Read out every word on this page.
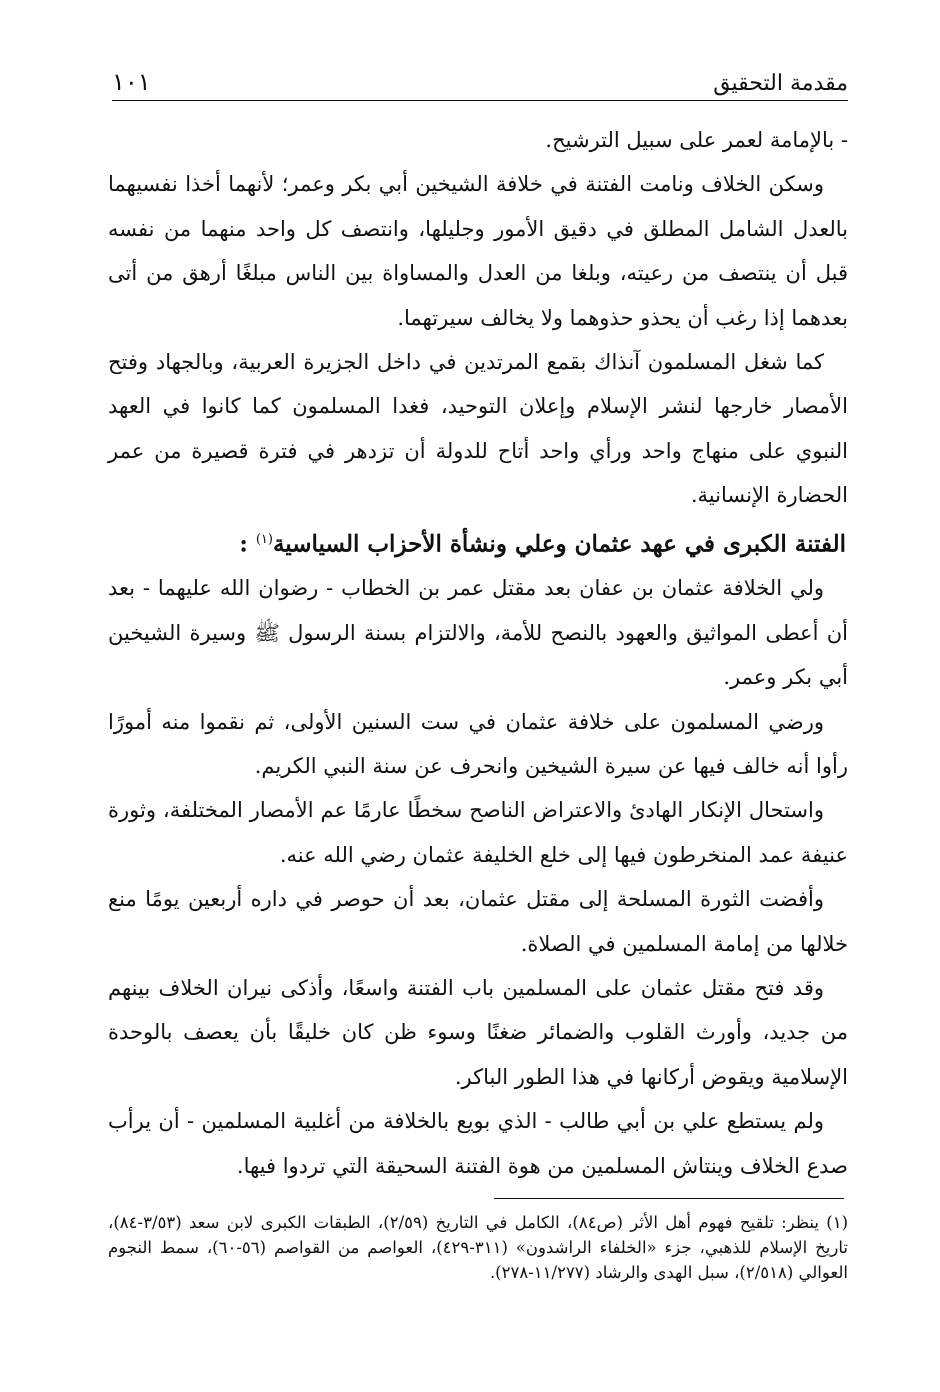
مقدمة التحقيق
١٠١

- بالإمامة لعمر على سبيل الترشيح.

وسكن الخلاف ونامت الفتنة في خلافة الشيخين أبي بكر وعمر؛ لأنهما أخذا نفسيهما بالعدل الشامل المطلق في دقيق الأمور وجليلها، وانتصف كل واحد منهما من نفسه قبل أن ينتصف من رعيته، وبلغا من العدل والمساواة بين الناس مبلغًا أرهق من أتى بعدهما إذا رغب أن يحذو حذوهما ولا يخالف سيرتهما.

كما شغل المسلمون آنذاك بقمع المرتدين في داخل الجزيرة العربية، وبالجهاد وفتح الأمصار خارجها لنشر الإسلام وإعلان التوحيد، فغدا المسلمون كما كانوا في العهد النبوي على منهاج واحد ورأي واحد أتاح للدولة أن تزدهر في فترة قصيرة من عمر الحضارة الإنسانية.

الفتنة الكبرى في عهد عثمان وعلي ونشأة الأحزاب السياسية$^{(١)}$ :

ولي الخلافة عثمان بن عفان بعد مقتل عمر بن الخطاب - رضوان الله عليهما - بعد أن أعطى المواثيق والعهود بالنصح للأمة، والالتزام بسنة الرسول ﷺ وسيرة الشيخين أبي بكر وعمر.

ورضي المسلمون على خلافة عثمان في ست السنين الأولى، ثم نقموا منه أمورًا رأوا أنه خالف فيها عن سيرة الشيخين وانحرف عن سنة النبي الكريم.

واستحال الإنكار الهادئ والاعتراض الناصح سخطًا عارمًا عم الأمصار المختلفة، وثورة عنيفة عمد المنخرطون فيها إلى خلع الخليفة عثمان رضي الله عنه.

وأفضت الثورة المسلحة إلى مقتل عثمان، بعد أن حوصر في داره أربعين يومًا منع خلالها من إمامة المسلمين في الصلاة.

وقد فتح مقتل عثمان على المسلمين باب الفتنة واسعًا، وأذكى نيران الخلاف بينهم من جديد، وأورث القلوب والضمائر ضغنًا وسوء ظن كان خليقًا بأن يعصف بالوحدة الإسلامية ويقوض أركانها في هذا الطور الباكر.

ولم يستطع علي بن أبي طالب - الذي بويع بالخلافة من أغلبية المسلمين - أن يرأب صدع الخلاف وينتاش المسلمين من هوة الفتنة السحيقة التي تردوا فيها.

(١) ينظر: تلقيح فهوم أهل الأثر (ص٨٤)، الكامل في التاريخ (٢/٥٩)، الطبقات الكبرى لابن سعد (٣/٥٣-٨٤)، تاريخ الإسلام للذهبي، جزء «الخلفاء الراشدون» (٣١١-٤٢٩)، العواصم من القواصم (٥٦-٦٠)، سمط النجوم العوالي (٢/٥١٨)، سبل الهدى والرشاد (١١/٢٧٧-٢٧٨).
